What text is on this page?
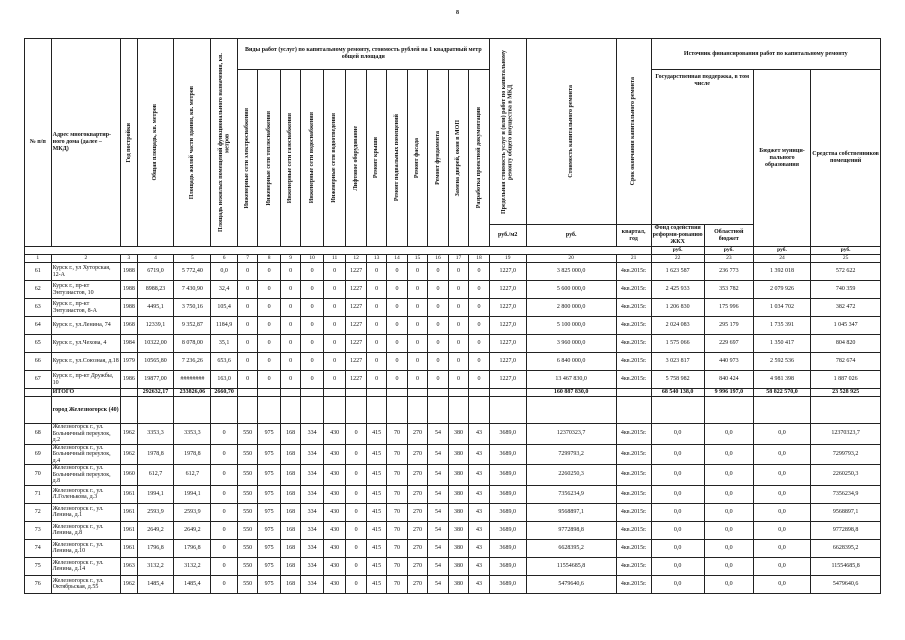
8
№ п/п	Адрес многоквартир-ного дома (далее – МКД)	Год постройки	Общая площадь, кв. метров	Площадь жилой части здания, кв. метров	Площадь нежилых помещений функционального назначения, кв. метров	Виды работ (услуг) по капитальному ремонту, стоимость рублей на 1 квадратный метр общей площади												Предельная стоимость услуг и (или) работ по капитальному ремонту общего имущества в МКД	Стоимость капитального ремонта	Срок окончания капитального ремонта	Источник финансирования работ по капитальному ремонту			

						Инженерные сети электроснабжения	Инженерные сети теплоснабжения	Инженерные сети газоснабжения	Инженерные сети водоснабжения	Инженерные сети водоотведения	Лифтовое оборудование	Ремонт крыши	Ремонт подвальных помещений	Ремонт фасада	Ремонт фундамента	Замена дверей, окон в МОП	Разработка проектной документации				Государственная поддержка, в том числе		Бюджет муници-пального образования	Средства собственников помещений
																		руб./м2	руб.	квартал, год	Фонд содействия реформи-рованию ЖКХ	Областной бюджет		
																					руб.	руб.	руб.	руб.
1	2	3	4	5	6	7	8	9	10	11	12	13	14	15	16	17	18	19	20	21	22	23	24	25
61	Курск г., ул Хуторская, 12-А	1988	6719,0	5 772,40	0,0	0	0	0	0	0	1227	0	0	0	0	0	0	1227,0	3 825 000,0	4кв.2015г.	1 623 587	236 773	1 392 018	572 622
62	Курск г., пр-кт Энтузиастов, 10	1988	8988,23	7 430,90	32,4	0	0	0	0	0	1227	0	0	0	0	0	0	1227,0	5 600 000,0	4кв.2015г.	2 425 933	353 782	2 079 926	740 359
63	Курск г., пр-кт Энтузиастов, 8-А	1988	4495,1	3 750,16	105,4	0	0	0	0	0	1227	0	0	0	0	0	0	1227,0	2 800 000,0	4кв.2015г.	1 206 830	175 996	1 034 702	382 472
64	Курск г., ул.Ленина, 74	1968	12339,1	9 352,87	1184,9	0	0	0	0	0	1227	0	0	0	0	0	0	1227,0	5 100 000,0	4кв.2015г.	2 024 083	295 179	1 735 391	1 045 347
65	Курск г., ул.Чехова, 4	1984	10322,00	8 078,00	35,1	0	0	0	0	0	1227	0	0	0	0	0	0	1227,0	3 960 000,0	4кв.2015г.	1 575 066	229 697	1 350 417	804 820
66	Курск г., ул.Союзная, д.18	1979	10565,80	7 236,26	653,6	0	0	0	0	0	1227	0	0	0	0	0	0	1227,0	6 840 000,0	4кв.2015г.	3 023 817	440 973	2 592 536	782 674
67	Курск г., пр-кт Дружбы, 10	1986	19877,00	########	163,0	0	0	0	0	0	1227	0	0	0	0	0	0	1227,0	13 467 830,0	4кв.2015г.	5 758 982	840 424	4 981 398	1 887 026
	ИТОГО		292632,17	233826,06	2660,70														160 887 830,0		68 540 138,0	9 996 197,0	58 822 570,0	23 528 925
	город Железногорск (40)																							
68	Железногорск г., ул. Больничный переулок, д.2	1962	3353,3	3353,3	0	550	975	168	334	430	0	415	70	270	54	380	43	3689,0	12370323,7	4кв.2015г.	0,0	0,0	0,0	12370323,7
69	Железногорск г., ул. Больничный переулок, д.4	1962	1978,8	1978,8	0	550	975	168	334	430	0	415	70	270	54	380	43	3689,0	7299793,2	4кв.2015г.	0,0	0,0	0,0	7299793,2
70	Железногорск г., ул. Больничный переулок, д.8	1960	612,7	612,7	0	550	975	168	334	430	0	415	70	270	54	380	43	3689,0	2260250,3	4кв.2015г.	0,0	0,0	0,0	2260250,3
71	Железногорск г., ул. Л.Голенькова, д.3	1961	1994,1	1994,1	0	550	975	168	334	430	0	415	70	270	54	380	43	3689,0	7356234,9	4кв.2015г.	0,0	0,0	0,0	7356234,9
72	Железногорск г., ул. Ленина, д.1	1961	2593,9	2593,9	0	550	975	168	334	430	0	415	70	270	54	380	43	3689,0	9568897,1	4кв.2015г.	0,0	0,0	0,0	9568897,1
73	Железногорск г., ул. Ленина, д.8	1961	2649,2	2649,2	0	550	975	168	334	430	0	415	70	270	54	380	43	3689,0	9772898,8	4кв.2015г.	0,0	0,0	0,0	9772898,8
74	Железногорск г., ул. Ленина, д.10	1961	1796,8	1796,8	0	550	975	168	334	430	0	415	70	270	54	380	43	3689,0	6628395,2	4кв.2015г.	0,0	0,0	0,0	6628395,2
75	Железногорск г., ул. Ленина, д.14	1963	3132,2	3132,2	0	550	975	168	334	430	0	415	70	270	54	380	43	3689,0	11554685,8	4кв.2015г.	0,0	0,0	0,0	11554685,8
76	Железногорск г., ул. Октябрьская, д.55	1962	1485,4	1485,4	0	550	975	168	334	430	0	415	70	270	54	380	43	3689,0	5479640,6	4кв.2015г.	0,0	0,0	0,0	5479640,6
